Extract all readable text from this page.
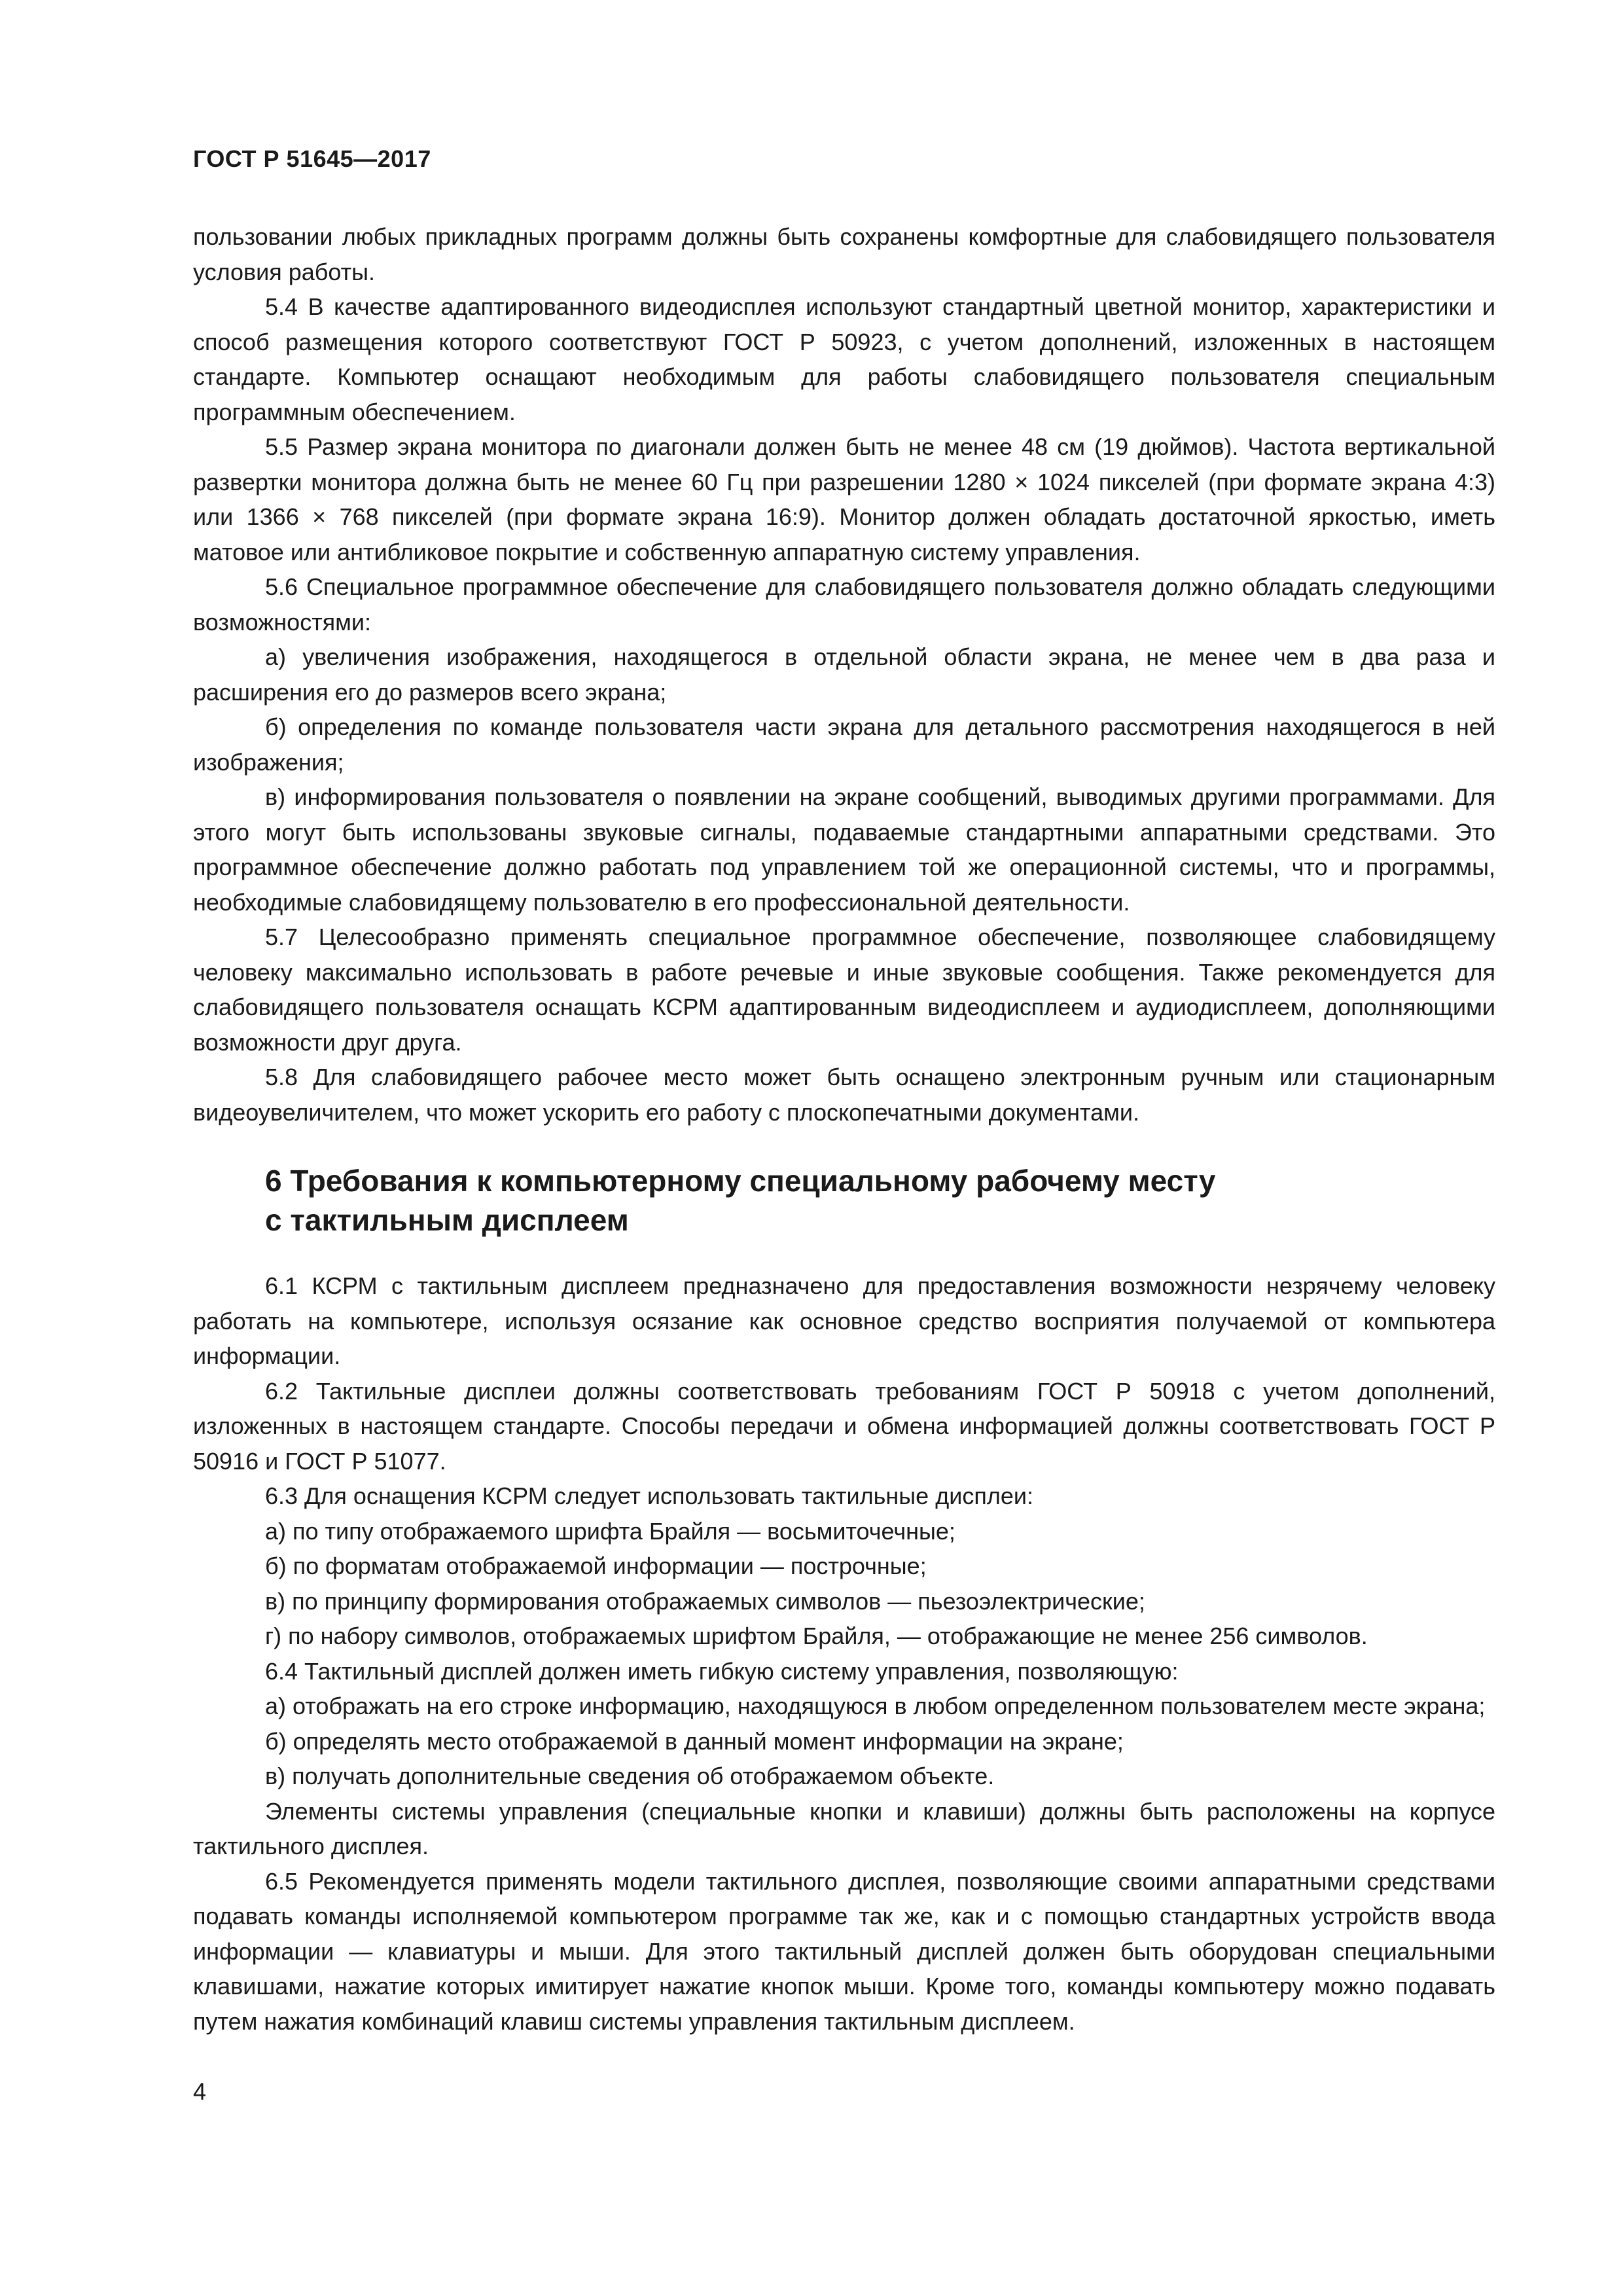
ГОСТ Р 51645—2017

пользовании любых прикладных программ должны быть сохранены комфортные для слабовидящего пользователя условия работы.

5.4 В качестве адаптированного видеодисплея используют стандартный цветной монитор, характеристики и способ размещения которого соответствуют ГОСТ Р 50923, с учетом дополнений, изложенных в настоящем стандарте. Компьютер оснащают необходимым для работы слабовидящего пользователя специальным программным обеспечением.

5.5 Размер экрана монитора по диагонали должен быть не менее 48 см (19 дюймов). Частота вертикальной развертки монитора должна быть не менее 60 Гц при разрешении 1280 × 1024 пикселей (при формате экрана 4:3) или 1366 × 768 пикселей (при формате экрана 16:9). Монитор должен обладать достаточной яркостью, иметь матовое или антибликовое покрытие и собственную аппаратную систему управления.

5.6 Специальное программное обеспечение для слабовидящего пользователя должно обладать следующими возможностями:

а) увеличения изображения, находящегося в отдельной области экрана, не менее чем в два раза и расширения его до размеров всего экрана;

б) определения по команде пользователя части экрана для детального рассмотрения находящегося в ней изображения;

в) информирования пользователя о появлении на экране сообщений, выводимых другими программами. Для этого могут быть использованы звуковые сигналы, подаваемые стандартными аппаратными средствами. Это программное обеспечение должно работать под управлением той же операционной системы, что и программы, необходимые слабовидящему пользователю в его профессиональной деятельности.

5.7 Целесообразно применять специальное программное обеспечение, позволяющее слабовидящему человеку максимально использовать в работе речевые и иные звуковые сообщения. Также рекомендуется для слабовидящего пользователя оснащать КСРМ адаптированным видеодисплеем и аудиодисплеем, дополняющими возможности друг друга.

5.8 Для слабовидящего рабочее место может быть оснащено электронным ручным или стационарным видеоувеличителем, что может ускорить его работу с плоскопечатными документами.

6 Требования к компьютерному специальному рабочему месту
с тактильным дисплеем

6.1 КСРМ с тактильным дисплеем предназначено для предоставления возможности незрячему человеку работать на компьютере, используя осязание как основное средство восприятия получаемой от компьютера информации.

6.2 Тактильные дисплеи должны соответствовать требованиям ГОСТ Р 50918 с учетом дополнений, изложенных в настоящем стандарте. Способы передачи и обмена информацией должны соответствовать ГОСТ Р 50916 и ГОСТ Р 51077.

6.3 Для оснащения КСРМ следует использовать тактильные дисплеи:

а) по типу отображаемого шрифта Брайля — восьмиточечные;

б) по форматам отображаемой информации — построчные;

в) по принципу формирования отображаемых символов — пьезоэлектрические;

г) по набору символов, отображаемых шрифтом Брайля, — отображающие не менее 256 символов.

6.4 Тактильный дисплей должен иметь гибкую систему управления, позволяющую:

а) отображать на его строке информацию, находящуюся в любом определенном пользователем месте экрана;

б) определять место отображаемой в данный момент информации на экране;

в) получать дополнительные сведения об отображаемом объекте.

Элементы системы управления (специальные кнопки и клавиши) должны быть расположены на корпусе тактильного дисплея.

6.5 Рекомендуется применять модели тактильного дисплея, позволяющие своими аппаратными средствами подавать команды исполняемой компьютером программе так же, как и с помощью стандартных устройств ввода информации — клавиатуры и мыши. Для этого тактильный дисплей должен быть оборудован специальными клавишами, нажатие которых имитирует нажатие кнопок мыши. Кроме того, команды компьютеру можно подавать путем нажатия комбинаций клавиш системы управления тактильным дисплеем.

4
